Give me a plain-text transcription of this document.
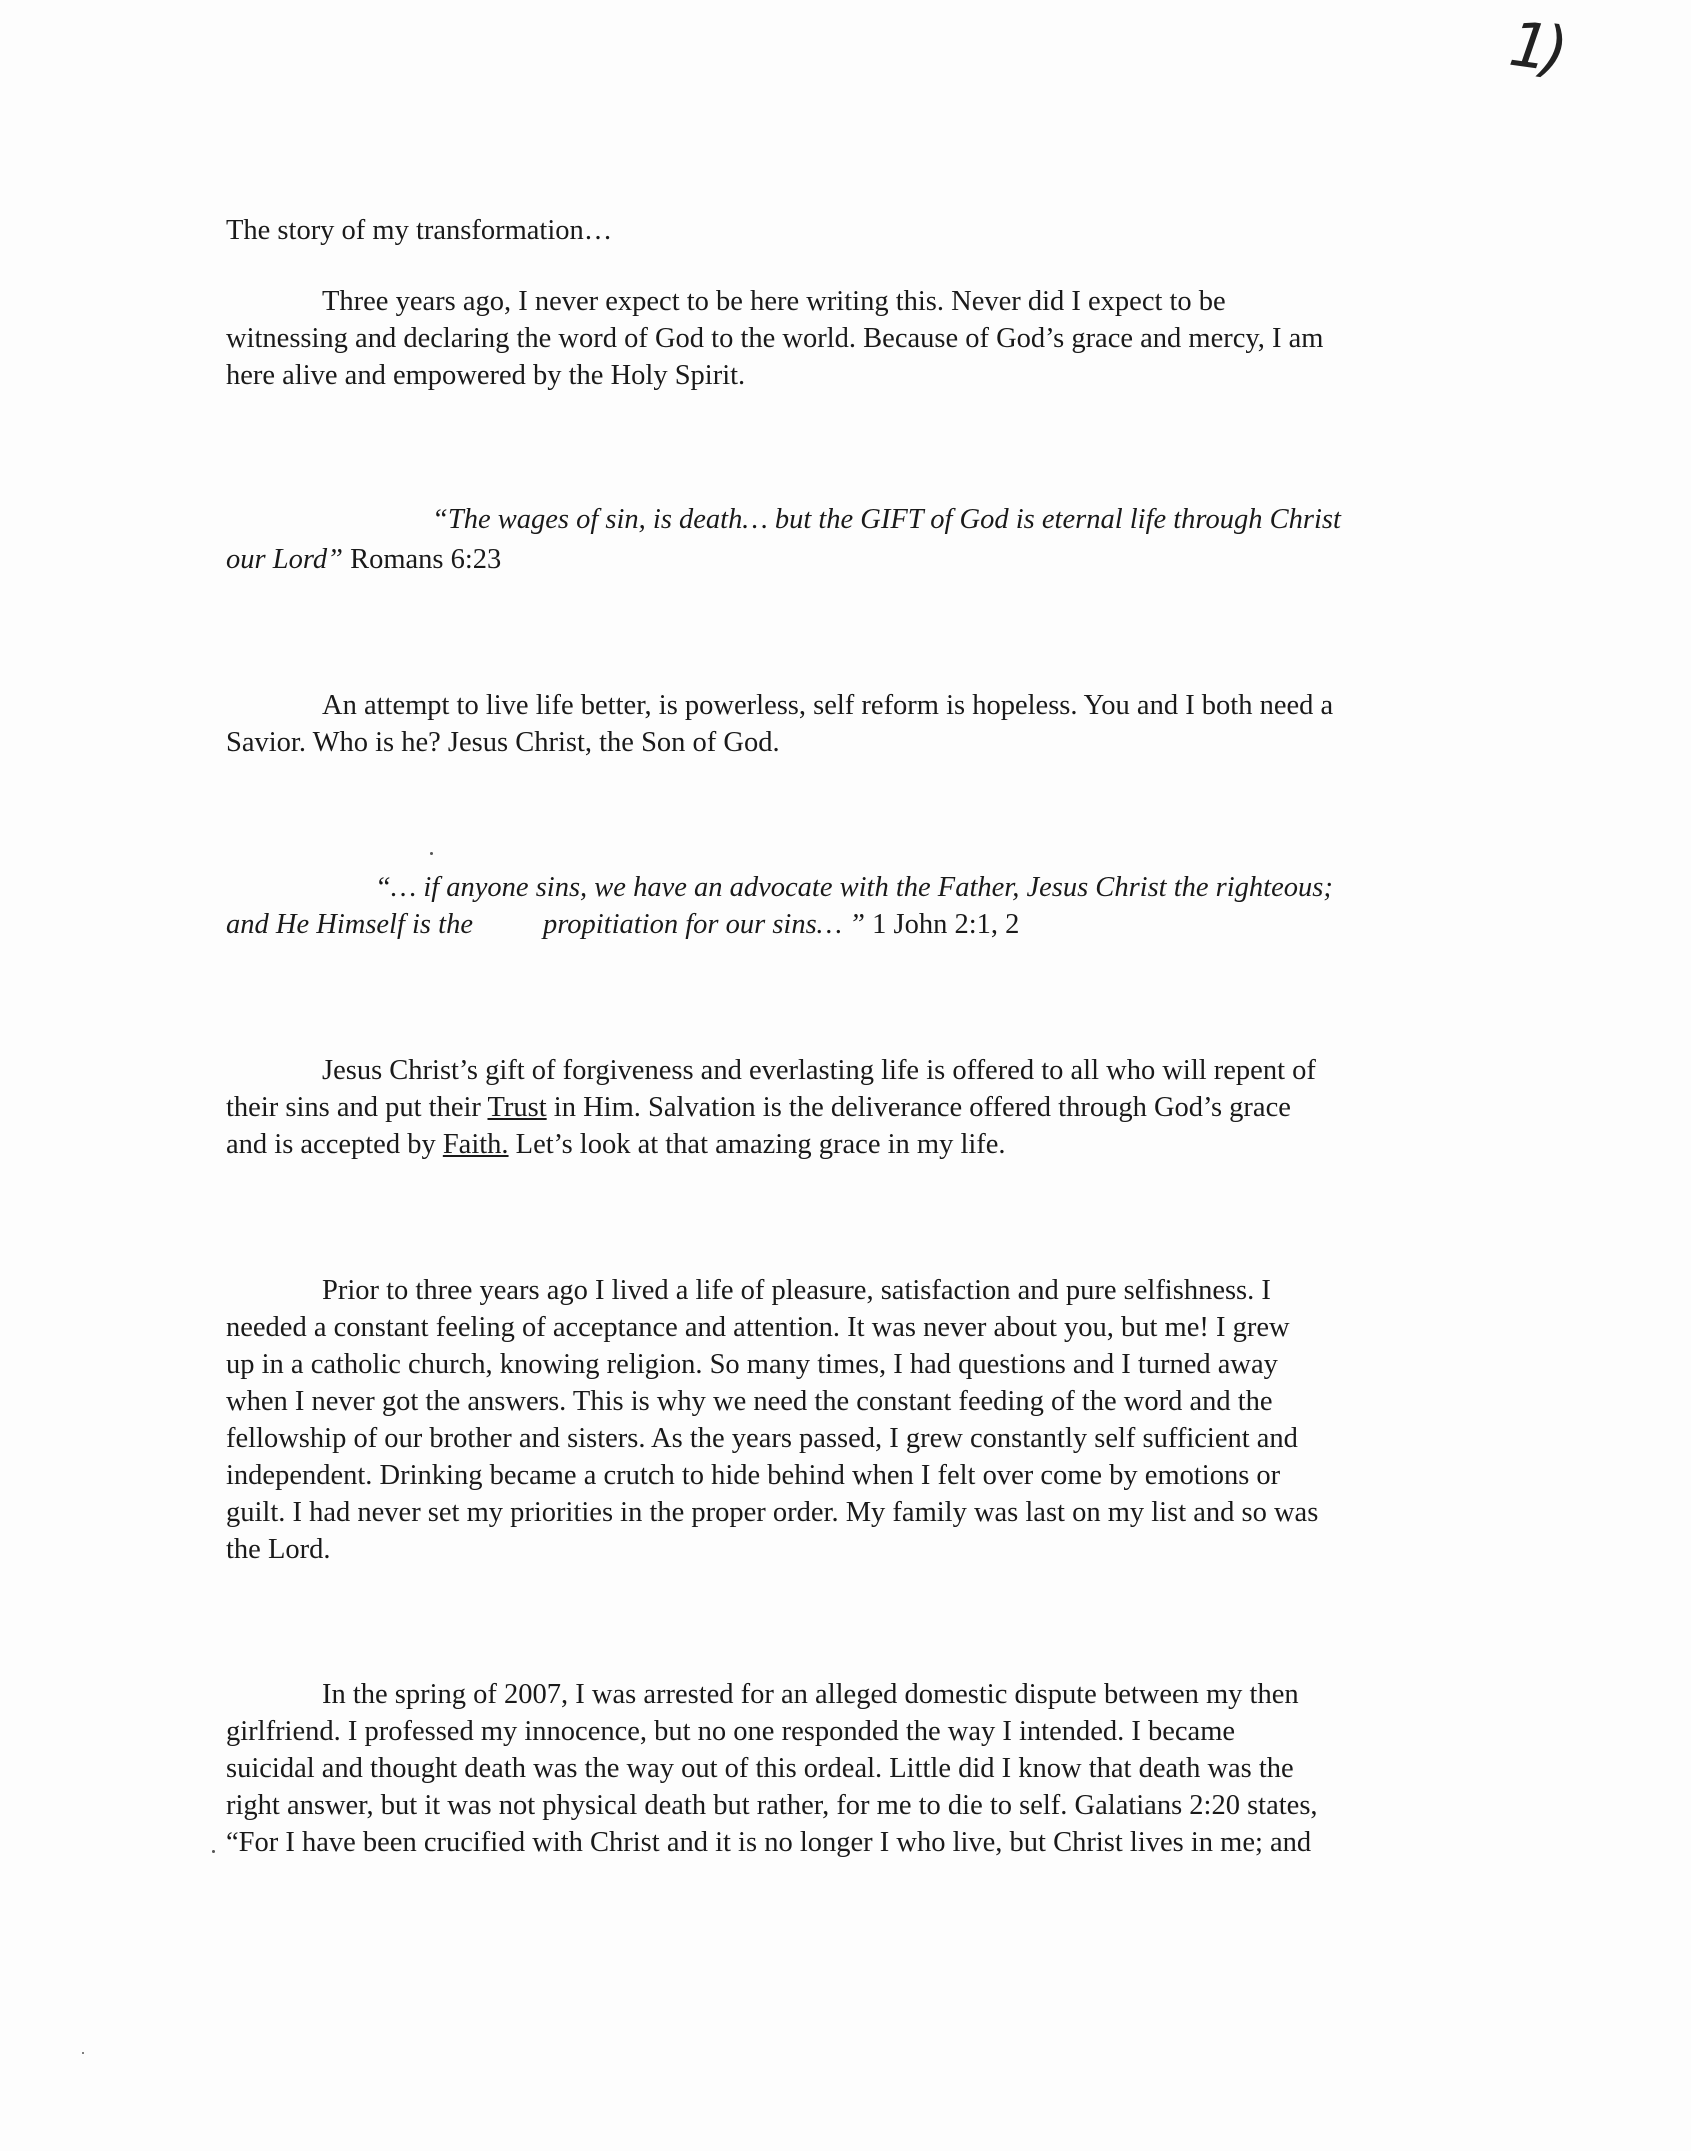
1)
The story of my transformation…
Three years ago, I never expect to be here writing this. Never did I expect to be
witnessing and declaring the word of God to the world. Because of God’s grace and mercy, I am
here alive and empowered by the Holy Spirit.
“The wages of sin, is death… but the GIFT of God is eternal life through Christ
our Lord” Romans 6:23
An attempt to live life better, is powerless, self reform is hopeless. You and I both need a
Savior. Who is he? Jesus Christ, the Son of God.
“… if anyone sins, we have an advocate with the Father, Jesus Christ the righteous;
and He Himself is the propitiation for our sins… ” 1 John 2:1, 2
Jesus Christ’s gift of forgiveness and everlasting life is offered to all who will repent of
their sins and put their Trust in Him. Salvation is the deliverance offered through God’s grace
and is accepted by Faith. Let’s look at that amazing grace in my life.
Prior to three years ago I lived a life of pleasure, satisfaction and pure selfishness. I
needed a constant feeling of acceptance and attention. It was never about you, but me! I grew
up in a catholic church, knowing religion. So many times, I had questions and I turned away
when I never got the answers. This is why we need the constant feeding of the word and the
fellowship of our brother and sisters. As the years passed, I grew constantly self sufficient and
independent. Drinking became a crutch to hide behind when I felt over come by emotions or
guilt. I had never set my priorities in the proper order. My family was last on my list and so was
the Lord.
In the spring of 2007, I was arrested for an alleged domestic dispute between my then
girlfriend. I professed my innocence, but no one responded the way I intended. I became
suicidal and thought death was the way out of this ordeal. Little did I know that death was the
right answer, but it was not physical death but rather, for me to die to self. Galatians 2:20 states,
“For I have been crucified with Christ and it is no longer I who live, but Christ lives in me; and
